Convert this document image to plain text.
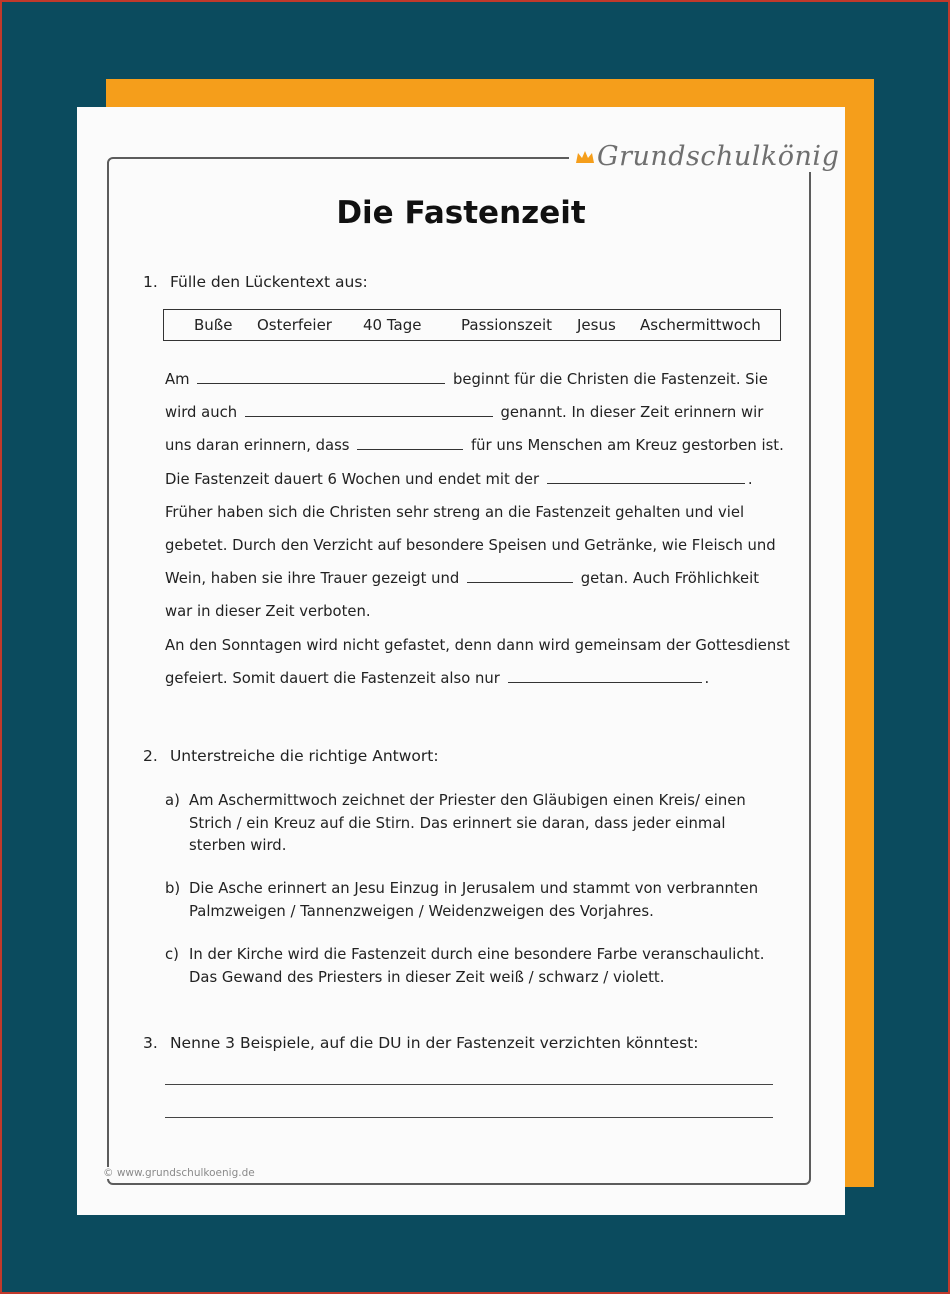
Grundschulkönig
Die Fastenzeit
1. Fülle den Lückentext aus:
Buße Osterfeier 40 Tage	Passionszeit Jesus Aschermittwoch
Am	beginnt für die Christen die Fastenzeit. Sie
wird auch	genannt. In dieser Zeit erinnern wir
uns daran erinnern, dass	für uns Menschen am Kreuz gestorben ist.
Die Fastenzeit dauert 6 Wochen und endet mit der	.
Früher haben sich die Christen sehr streng an die Fastenzeit gehalten und viel
gebetet. Durch den Verzicht auf besondere Speisen und Getränke, wie Fleisch und
Wein, haben sie ihre Trauer gezeigt und	getan. Auch Fröhlichkeit
war in dieser Zeit verboten.
An den Sonntagen wird nicht gefastet, denn dann wird gemeinsam der Gottesdienst
gefeiert. Somit dauert die Fastenzeit also nur	.
2. Unterstreiche die richtige Antwort:
a) Am Aschermittwoch zeichnet der Priester den Gläubigen einen Kreis/ einen
Strich / ein Kreuz auf die Stirn. Das erinnert sie daran, dass jeder einmal
sterben wird.
b) Die Asche erinnert an Jesu Einzug in Jerusalem und stammt von verbrannten
Palmzweigen / Tannenzweigen / Weidenzweigen des Vorjahres.
c) In der Kirche wird die Fastenzeit durch eine besondere Farbe veranschaulicht.
Das Gewand des Priesters in dieser Zeit weiß / schwarz / violett.
3. Nenne 3 Beispiele, auf die DU in der Fastenzeit verzichten könntest:
© www.grundschulkoenig.de
